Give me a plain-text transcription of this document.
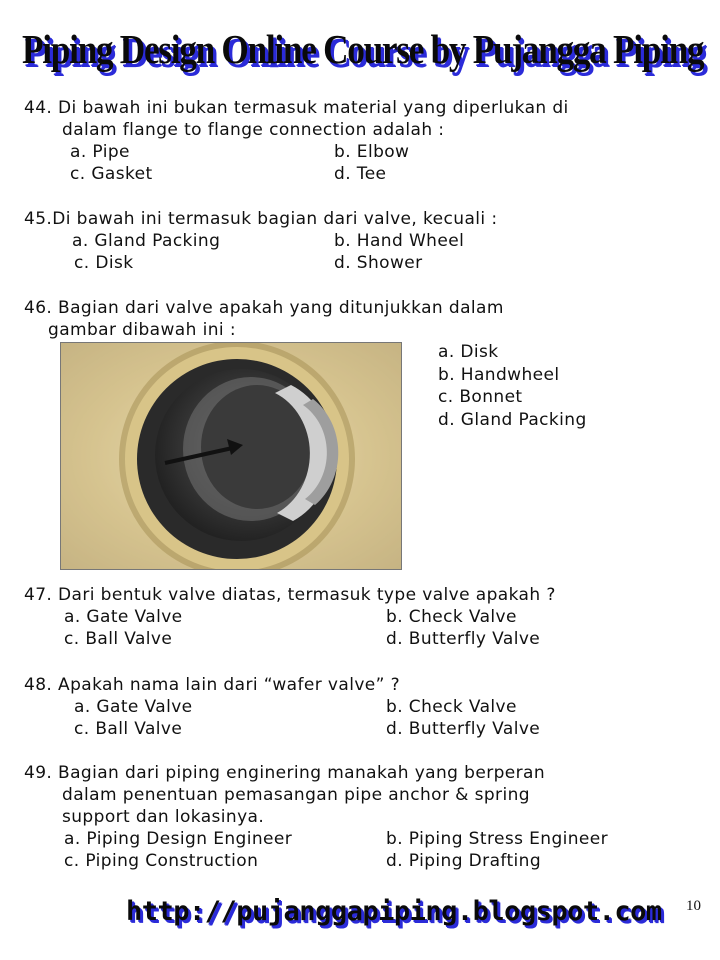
Piping Design Online Course by Pujangga Piping
44. Di bawah ini bukan termasuk material yang diperlukan di
dalam flange to flange connection adalah :
a. Pipe	b. Elbow
c. Gasket	d. Tee
45.Di bawah ini termasuk bagian dari valve, kecuali :
a. Gland Packing	b. Hand Wheel
c. Disk	d. Shower
46. Bagian dari valve apakah yang ditunjukkan dalam
gambar dibawah ini :
a. Disk
b. Handwheel
c. Bonnet
d. Gland Packing
47. Dari bentuk valve diatas, termasuk type valve apakah ?
a. Gate Valve	b. Check Valve
c. Ball Valve	d. Butterfly Valve
48. Apakah nama lain dari “wafer valve” ?
a. Gate Valve	b. Check Valve
c. Ball Valve	d. Butterfly Valve
49. Bagian dari piping enginering manakah yang berperan
dalam penentuan pemasangan pipe anchor & spring
support dan lokasinya.
a. Piping Design Engineer	b. Piping Stress Engineer
c. Piping Construction	d. Piping Drafting
http://pujanggapiping.blogspot.com 10
